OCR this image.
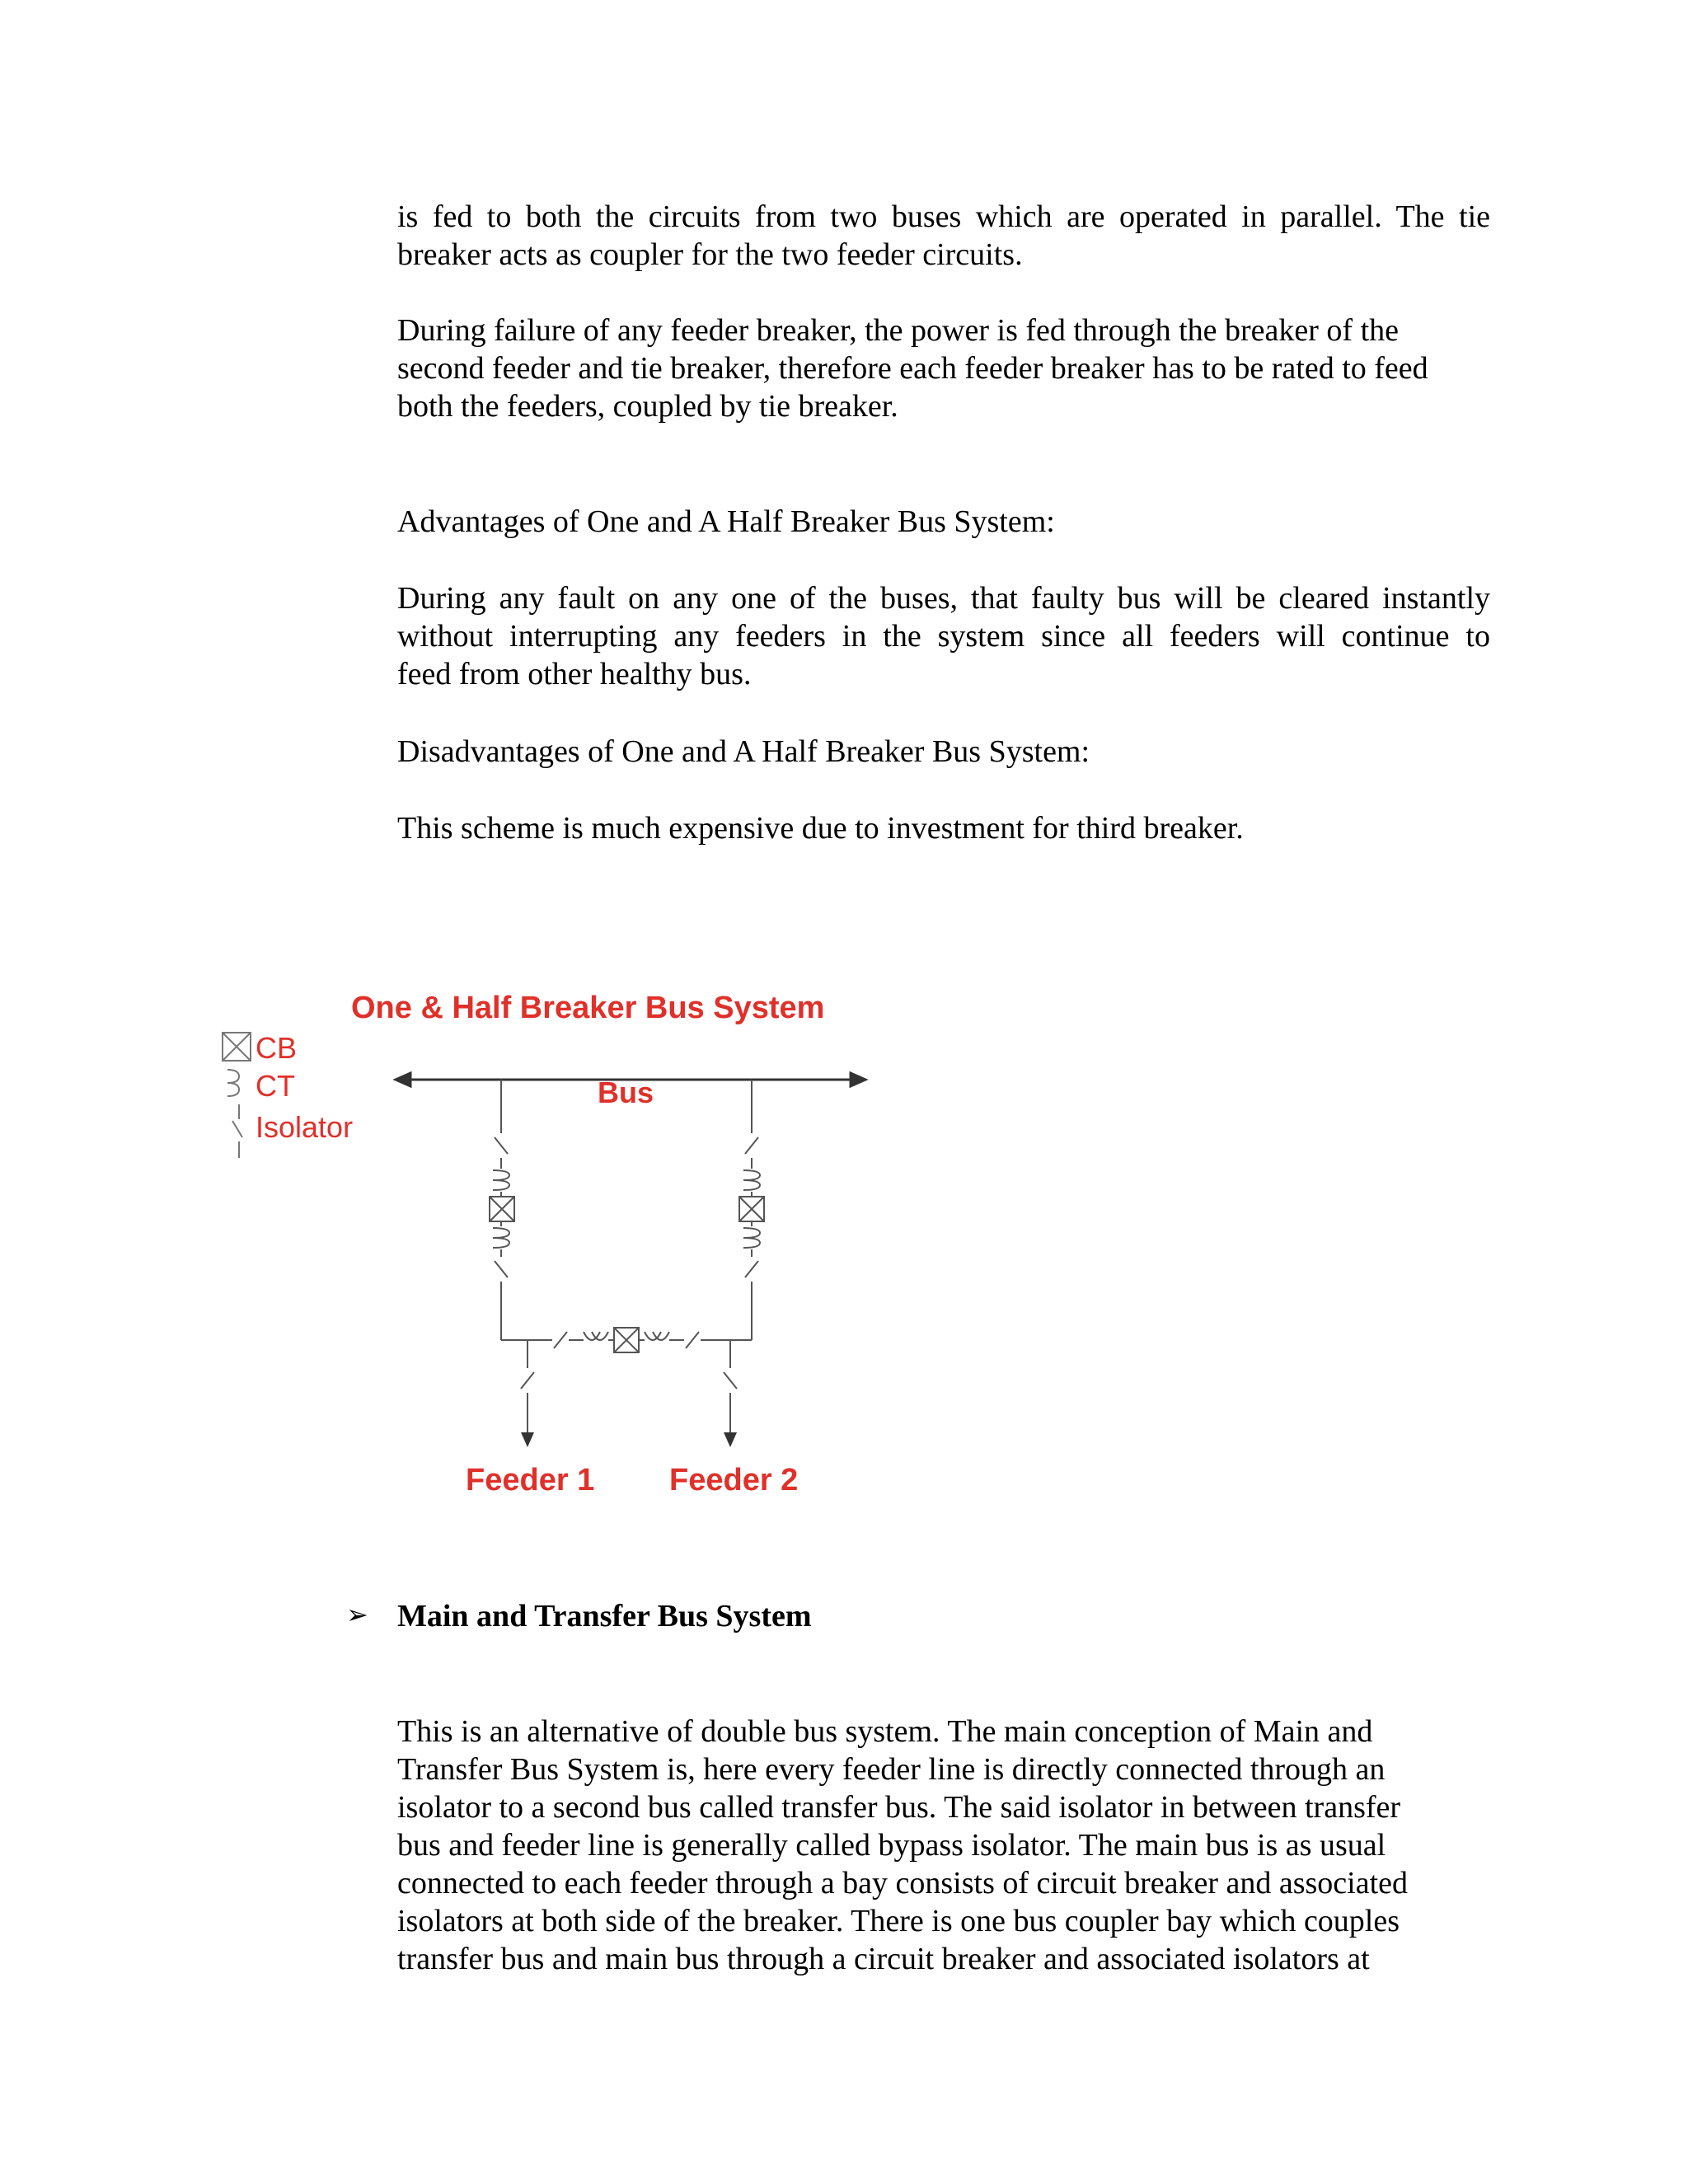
is fed to both the circuits from two buses which are operated in parallel. The tie
breaker acts as coupler for the two feeder circuits.
During failure of any feeder breaker, the power is fed through the breaker of the
second feeder and tie breaker, therefore each feeder breaker has to be rated to feed
both the feeders, coupled by tie breaker.
Advantages of One and A Half Breaker Bus System:
During any fault on any one of the buses, that faulty bus will be cleared instantly
without interrupting any feeders in the system since all feeders will continue to
feed from other healthy bus.
Disadvantages of One and A Half Breaker Bus System:
This scheme is much expensive due to investment for third breaker.
One & Half Breaker Bus System
CB
CT
Isolator
Bus
Feeder 1 Feeder 2
➢ Main and Transfer Bus System
This is an alternative of double bus system. The main conception of Main and
Transfer Bus System is, here every feeder line is directly connected through an
isolator to a second bus called transfer bus. The said isolator in between transfer
bus and feeder line is generally called bypass isolator. The main bus is as usual
connected to each feeder through a bay consists of circuit breaker and associated
isolators at both side of the breaker. There is one bus coupler bay which couples
transfer bus and main bus through a circuit breaker and associated isolators at
